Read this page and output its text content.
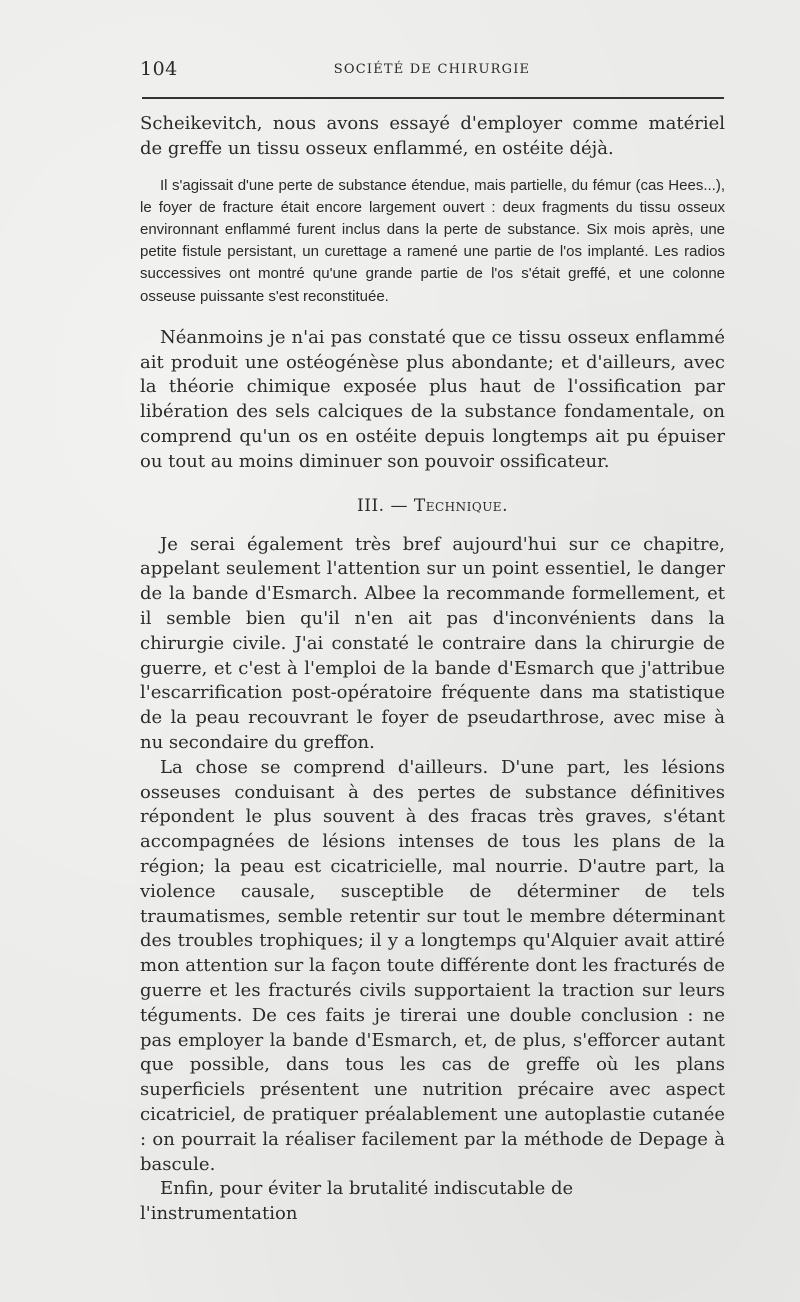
104	SOCIÉTÉ DE CHIRURGIE

Scheikevitch, nous avons essayé d'employer comme matériel de greffe un tissu osseux enflammé, en ostéite déjà.

Il s'agissait d'une perte de substance étendue, mais partielle, du fémur (cas Hees...), le foyer de fracture était encore largement ouvert : deux fragments du tissu osseux environnant enflammé furent inclus dans la perte de substance. Six mois après, une petite fistule persistant, un curettage a ramené une partie de l'os implanté. Les radios successives ont montré qu'une grande partie de l'os s'était greffé, et une colonne osseuse puissante s'est reconstituée.

Néanmoins je n'ai pas constaté que ce tissu osseux enflammé ait produit une ostéogénèse plus abondante; et d'ailleurs, avec la théorie chimique exposée plus haut de l'ossification par libération des sels calciques de la substance fondamentale, on comprend qu'un os en ostéite depuis longtemps ait pu épuiser ou tout au moins diminuer son pouvoir ossificateur.

III. — Technique.

Je serai également très bref aujourd'hui sur ce chapitre, appelant seulement l'attention sur un point essentiel, le danger de la bande d'Esmarch. Albee la recommande formellement, et il semble bien qu'il n'en ait pas d'inconvénients dans la chirurgie civile. J'ai constaté le contraire dans la chirurgie de guerre, et c'est à l'emploi de la bande d'Esmarch que j'attribue l'escarrification post-opératoire fréquente dans ma statistique de la peau recouvrant le foyer de pseudarthrose, avec mise à nu secondaire du greffon.

La chose se comprend d'ailleurs. D'une part, les lésions osseuses conduisant à des pertes de substance définitives répondent le plus souvent à des fracas très graves, s'étant accompagnées de lésions intenses de tous les plans de la région; la peau est cicatricielle, mal nourrie. D'autre part, la violence causale, susceptible de déterminer de tels traumatismes, semble retentir sur tout le membre déterminant des troubles trophiques; il y a longtemps qu'Alquier avait attiré mon attention sur la façon toute différente dont les fracturés de guerre et les fracturés civils supportaient la traction sur leurs téguments. De ces faits je tirerai une double conclusion : ne pas employer la bande d'Esmarch, et, de plus, s'efforcer autant que possible, dans tous les cas de greffe où les plans superficiels présentent une nutrition précaire avec aspect cicatriciel, de pratiquer préalablement une autoplastie cutanée : on pourrait la réaliser facilement par la méthode de Depage à bascule.

Enfin, pour éviter la brutalité indiscutable de l'instrumentation
